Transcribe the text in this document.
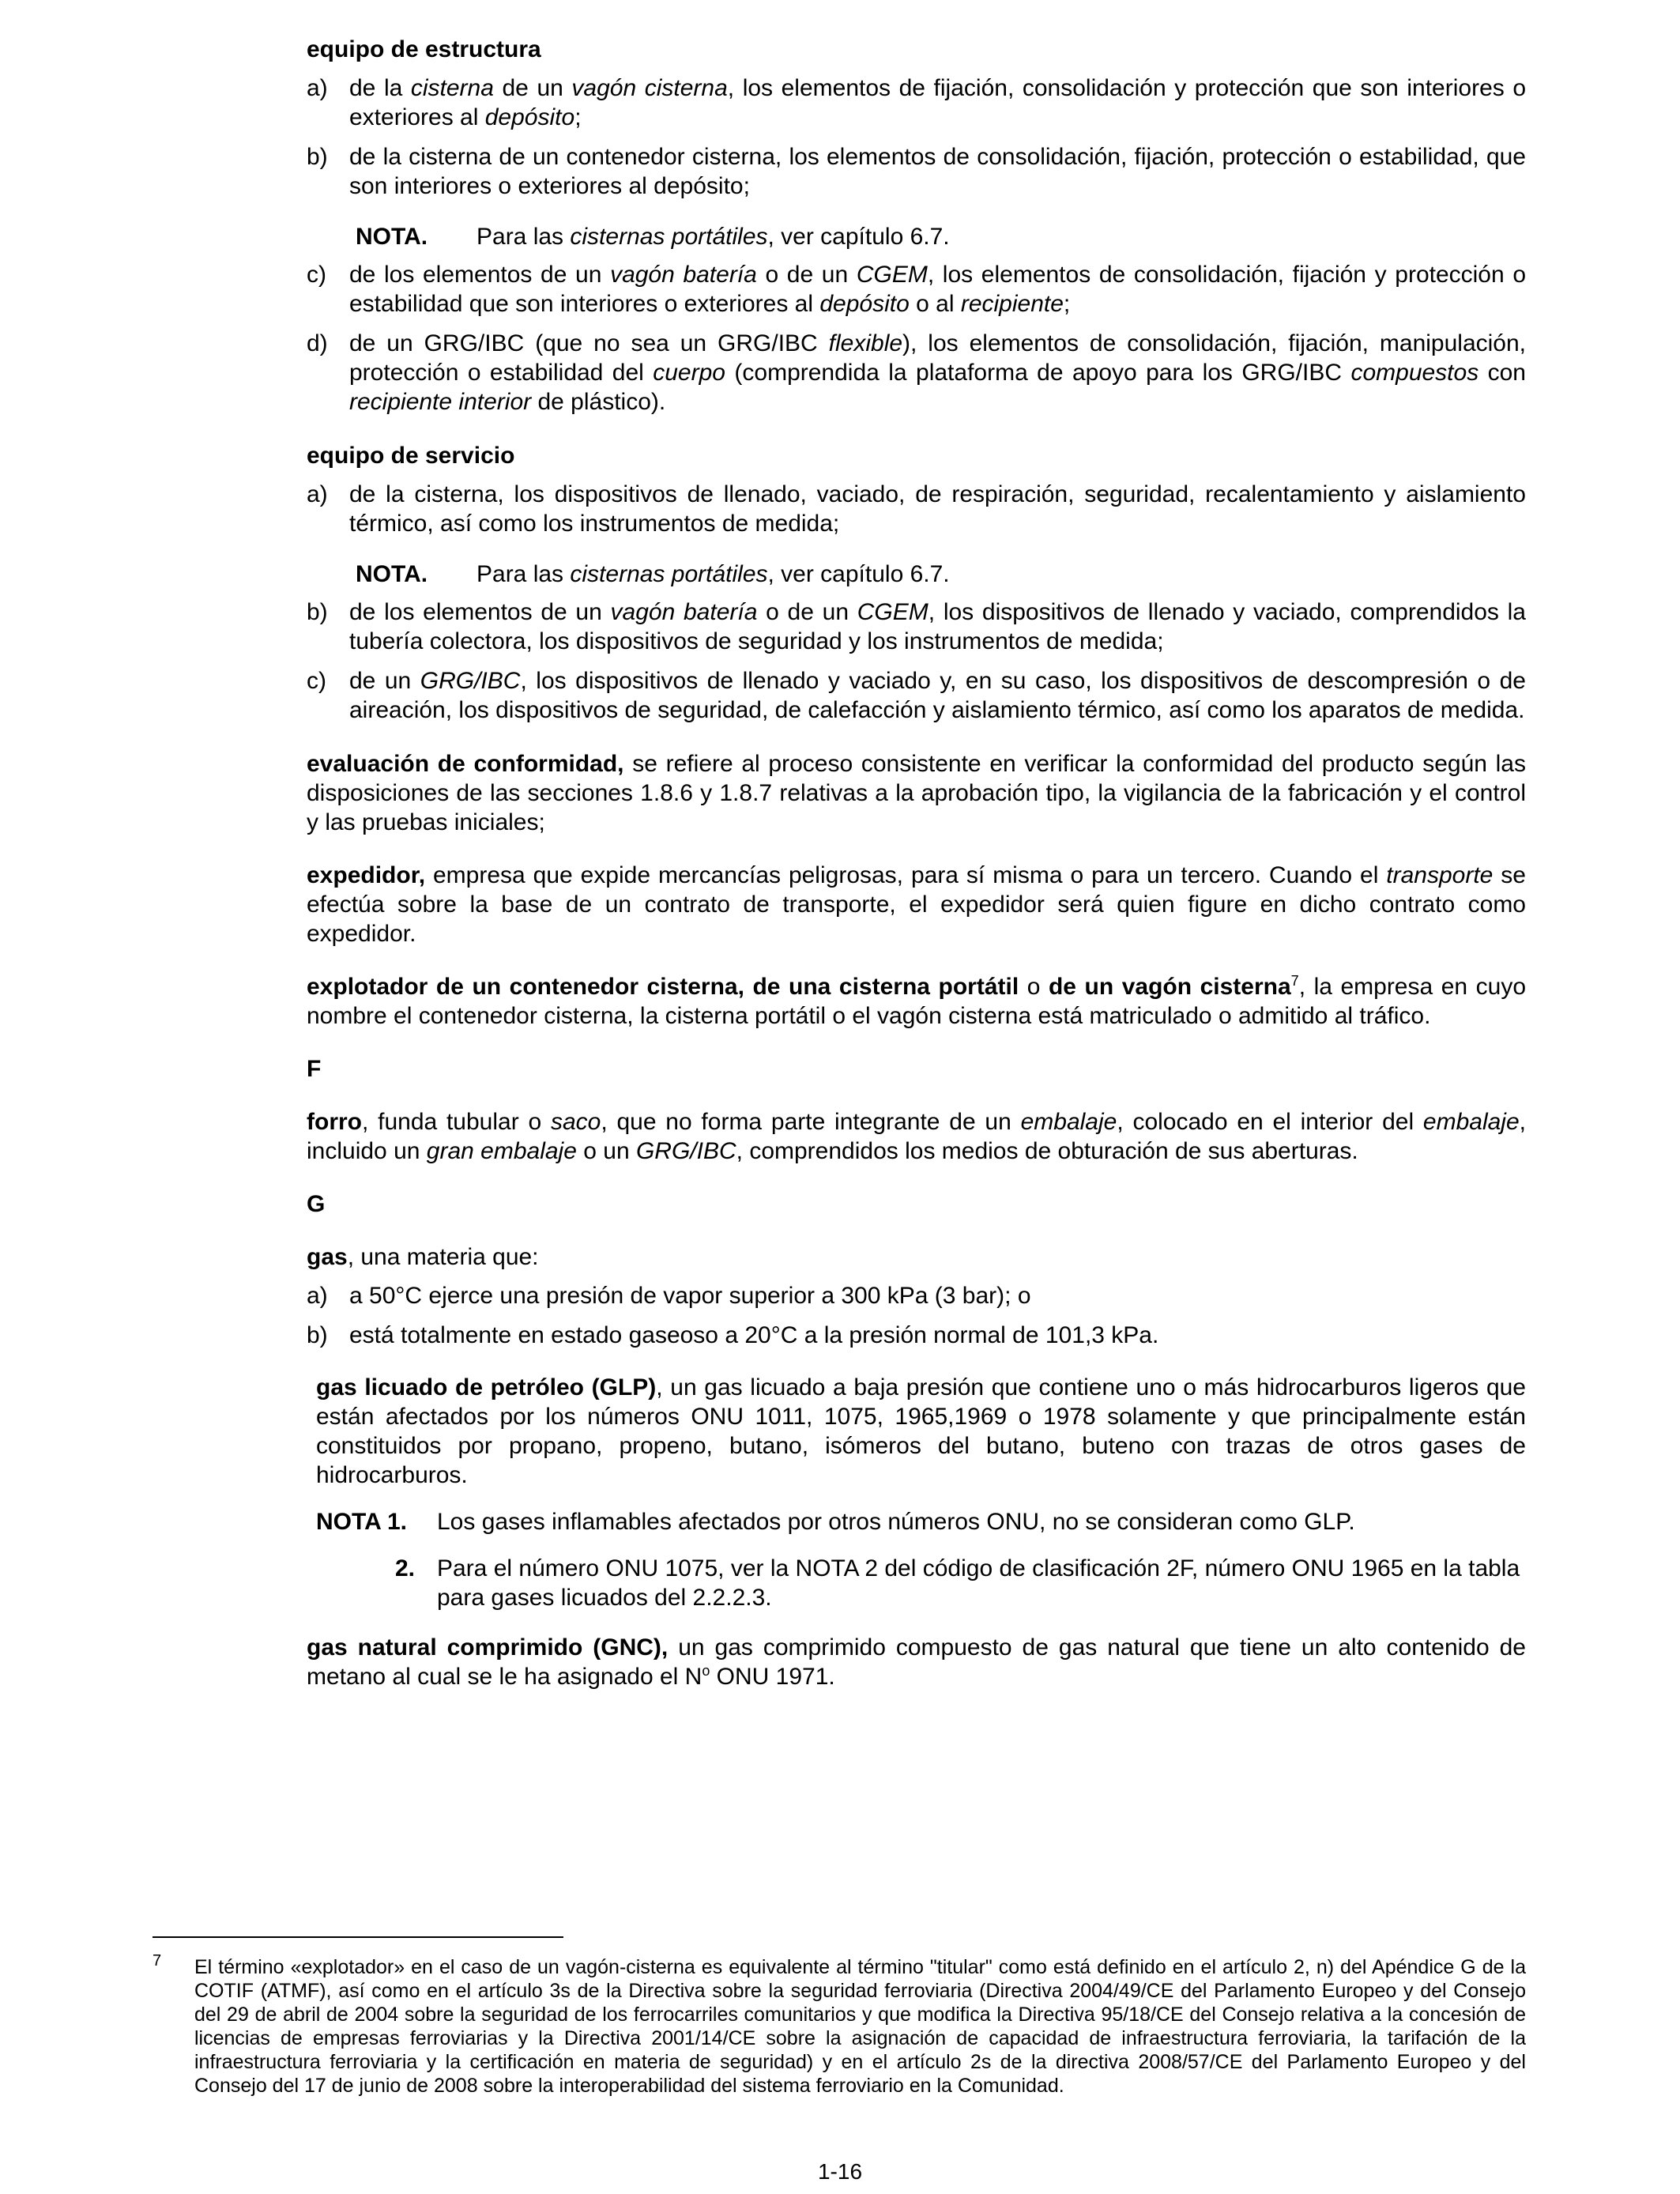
equipo de estructura

a) de la cisterna de un vagón cisterna, los elementos de fijación, consolidación y protección que son interiores o exteriores al depósito;
b) de la cisterna de un contenedor cisterna, los elementos de consolidación, fijación, protección o estabilidad, que son interiores o exteriores al depósito;
NOTA. Para las cisternas portátiles, ver capítulo 6.7.
c) de los elementos de un vagón batería o de un CGEM, los elementos de consolidación, fijación y protección o estabilidad que son interiores o exteriores al depósito o al recipiente;
d) de un GRG/IBC (que no sea un GRG/IBC flexible), los elementos de consolidación, fijación, manipulación, protección o estabilidad del cuerpo (comprendida la plataforma de apoyo para los GRG/IBC compuestos con recipiente interior de plástico).

equipo de servicio

a) de la cisterna, los dispositivos de llenado, vaciado, de respiración, seguridad, recalentamiento y aislamiento térmico, así como los instrumentos de medida;
NOTA. Para las cisternas portátiles, ver capítulo 6.7.
b) de los elementos de un vagón batería o de un CGEM, los dispositivos de llenado y vaciado, comprendidos la tubería colectora, los dispositivos de seguridad y los instrumentos de medida;
c) de un GRG/IBC, los dispositivos de llenado y vaciado y, en su caso, los dispositivos de descompresión o de aireación, los dispositivos de seguridad, de calefacción y aislamiento térmico, así como los aparatos de medida.

evaluación de conformidad, se refiere al proceso consistente en verificar la conformidad del producto según las disposiciones de las secciones 1.8.6 y 1.8.7 relativas a la aprobación tipo, la vigilancia de la fabricación y el control y las pruebas iniciales;

expedidor, empresa que expide mercancías peligrosas, para sí misma o para un tercero. Cuando el transporte se efectúa sobre la base de un contrato de transporte, el expedidor será quien figure en dicho contrato como expedidor.

explotador de un contenedor cisterna, de una cisterna portátil o de un vagón cisterna$^7$, la empresa en cuyo nombre el contenedor cisterna, la cisterna portátil o el vagón cisterna está matriculado o admitido al tráfico.

F

forro, funda tubular o saco, que no forma parte integrante de un embalaje, colocado en el interior del embalaje, incluido un gran embalaje o un GRG/IBC, comprendidos los medios de obturación de sus aberturas.

G

gas, una materia que:

a) a 50°C ejerce una presión de vapor superior a 300 kPa (3 bar); o
b) está totalmente en estado gaseoso a 20°C a la presión normal de 101,3 kPa.

gas licuado de petróleo (GLP), un gas licuado a baja presión que contiene uno o más hidrocarburos ligeros que están afectados por los números ONU 1011, 1075, 1965,1969 o 1978 solamente y que principalmente están constituidos por propano, propeno, butano, isómeros del butano, buteno con trazas de otros gases de hidrocarburos.

NOTA 1. Los gases inflamables afectados por otros números ONU, no se consideran como GLP.
2. Para el número ONU 1075, ver la NOTA 2 del código de clasificación 2F, número ONU 1965 en la tabla para gases licuados del 2.2.2.3.

gas natural comprimido (GNC), un gas comprimido compuesto de gas natural que tiene un alto contenido de metano al cual se le ha asignado el $N^o$ ONU 1971.

7 El término «explotador» en el caso de un vagón-cisterna es equivalente al término "titular" como está definido en el artículo 2, n) del Apéndice G de la COTIF (ATMF), así como en el artículo 3s de la Directiva sobre la seguridad ferroviaria (Directiva 2004/49/CE del Parlamento Europeo y del Consejo del 29 de abril de 2004 sobre la seguridad de los ferrocarriles comunitarios y que modifica la Directiva 95/18/CE del Consejo relativa a la concesión de licencias de empresas ferroviarias y la Directiva 2001/14/CE sobre la asignación de capacidad de infraestructura ferroviaria, la tarifación de la infraestructura ferroviaria y la certificación en materia de seguridad) y en el artículo 2s de la directiva 2008/57/CE del Parlamento Europeo y del Consejo del 17 de junio de 2008 sobre la interoperabilidad del sistema ferroviario en la Comunidad.
1-16
